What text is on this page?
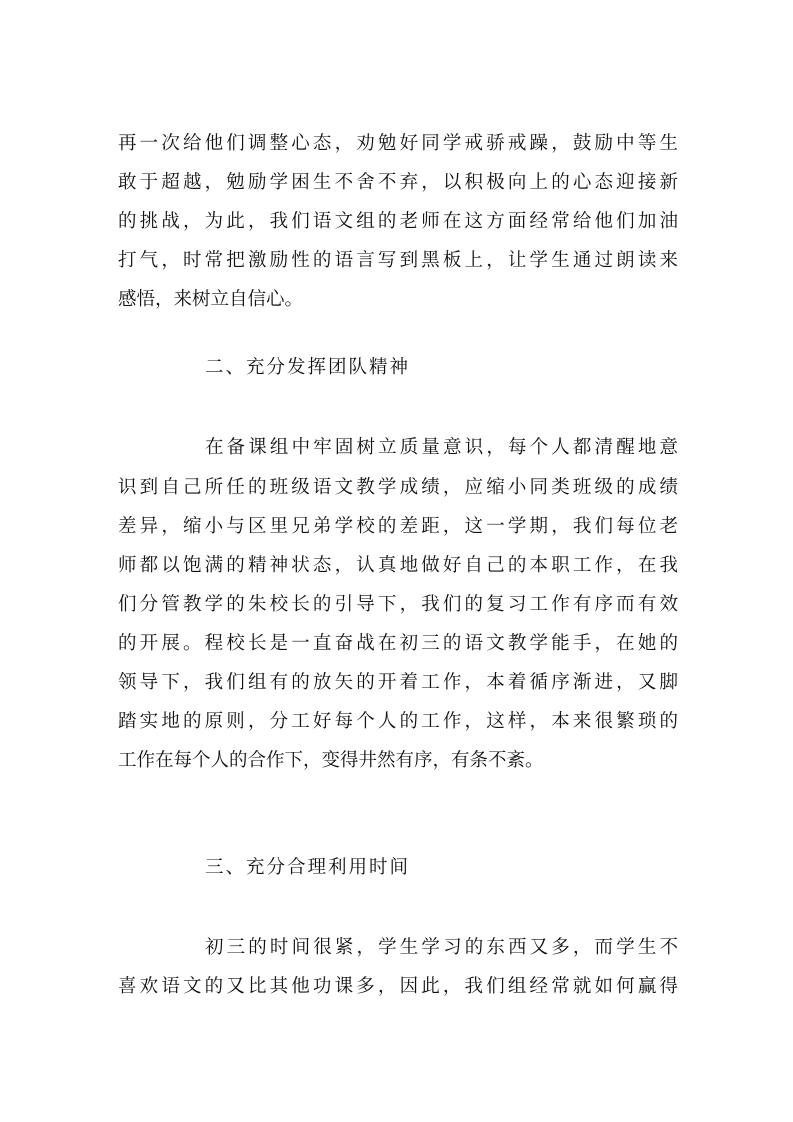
再一次给他们调整心态，劝勉好同学戒骄戒躁，鼓励中等生

敢于超越，勉励学困生不舍不弃，以积极向上的心态迎接新

的挑战，为此，我们语文组的老师在这方面经常给他们加油

打气，时常把激励性的语言写到黑板上，让学生通过朗读来

感悟，来树立自信心。

二、充分发挥团队精神

在备课组中牢固树立质量意识，每个人都清醒地意

识到自己所任的班级语文教学成绩，应缩小同类班级的成绩

差异，缩小与区里兄弟学校的差距，这一学期，我们每位老

师都以饱满的精神状态，认真地做好自己的本职工作，在我

们分管教学的朱校长的引导下，我们的复习工作有序而有效

的开展。程校长是一直奋战在初三的语文教学能手，在她的

领导下，我们组有的放矢的开着工作，本着循序渐进，又脚

踏实地的原则，分工好每个人的工作，这样，本来很繁琐的

工作在每个人的合作下，变得井然有序，有条不紊。

三、充分合理利用时间

初三的时间很紧，学生学习的东西又多，而学生不

喜欢语文的又比其他功课多，因此，我们组经常就如何赢得
